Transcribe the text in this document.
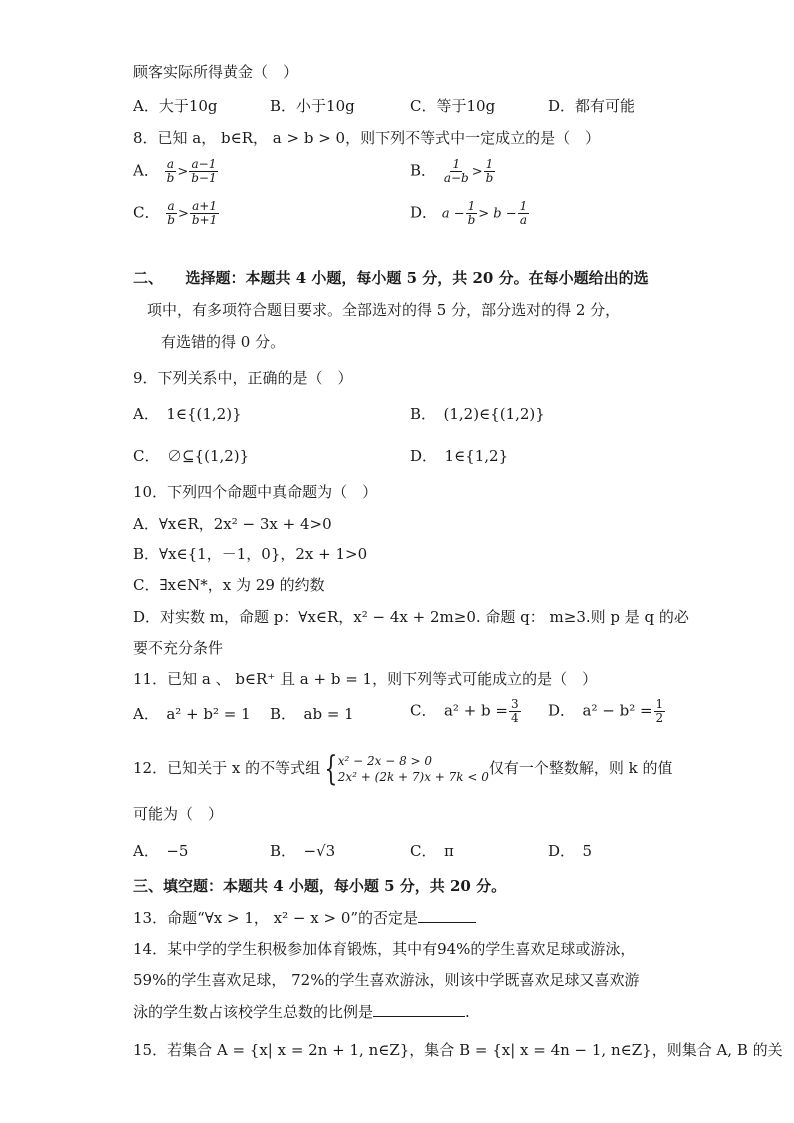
顾客实际所得黄金（　）
A．大于10g	B．小于10g	C．等于10g	D．都有可能
8．已知 a， b∈R， a > b > 0，则下列不等式中一定成立的是（　）
A． $\frac{a}{b} > \frac{a-1}{b-1}$	B． $\frac{1}{a-b} > \frac{1}{b}$
C． $\frac{a}{b} > \frac{a+1}{b+1}$	D． $a - \frac{1}{b} > b - \frac{1}{a}$
二、　　选择题：本题共 4 小题，每小题 5 分，共 20 分。在每小题给出的选
项中，有多项符合题目要求。全部选对的得 5 分，部分选对的得 2 分，
有选错的得 0 分。
9．下列关系中，正确的是（　）
A．　1∈{(1,2)}	B．　(1,2)∈{(1,2)}
C．　∅⊆{(1,2)}	D．　1∈{1,2}
10．下列四个命题中真命题为（　）
A．∀x∈R，2x² − 3x + 4>0
B．∀x∈{1，－1，0}，2x + 1>0
C．∃x∈N*，x 为 29 的约数
D．对实数 m，命题 p：∀x∈R，x² − 4x + 2m≥0. 命题 q： m≥3.则 p 是 q 的必
要不充分条件
11．已知 a 、 b∈R⁺ 且 a + b = 1，则下列等式可能成立的是（　）
A．　a² + b² = 1 B．　ab = 1	C．　$a^2 + b = \frac{3}{4}$ D．　$a^2 - b^2 = \frac{1}{2}$
12．已知关于 x 的不等式组 { x² − 2x − 8 > 0
2x² + (2k + 7)x + 7k < 0 仅有一个整数解，则 k 的值
可能为（　）
A．　−5	B．　−√3	C．　π	D．　5
三、填空题：本题共 4 小题，每小题 5 分，共 20 分。
13．命题“∀x > 1， x² − x > 0”的否定是
14．某中学的学生积极参加体育锻炼，其中有94%的学生喜欢足球或游泳，
59%的学生喜欢足球， 72%的学生喜欢游泳，则该中学既喜欢足球又喜欢游
泳的学生数占该校学生总数的比例是	.
15．若集合 A = {x| x = 2n + 1, n∈Z}，集合 B = {x| x = 4n − 1, n∈Z}，则集合 A, B 的关
